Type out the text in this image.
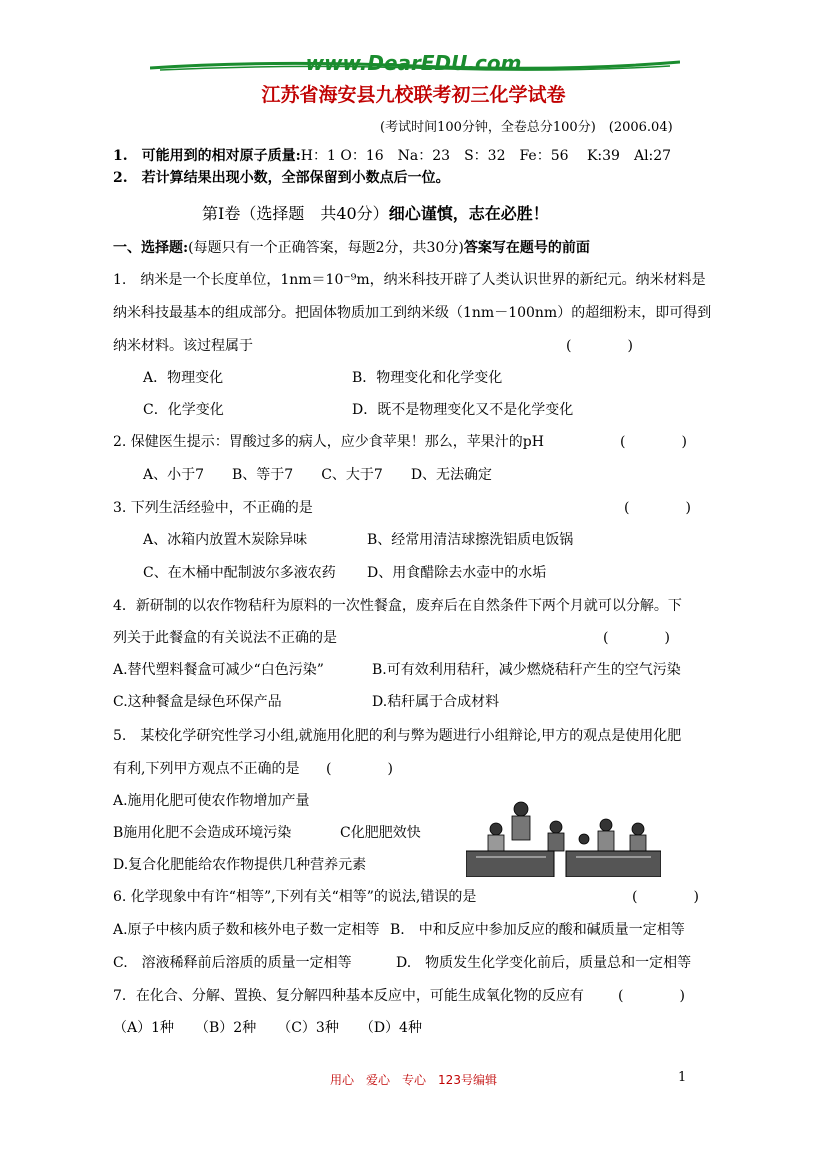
www.DearEDU.com
江苏省海安县九校联考初三化学试卷
(考试时间100分钟，全卷总分100分)　(2006.04)
1.　可能用到的相对原子质量:H：1 O：16　Na：23　S：32　Fe：56　 K:39　Al:27
2.　若计算结果出现小数，全部保留到小数点后一位。
第Ⅰ卷（选择题　共40分）细心谨慎，志在必胜！
一、选择题:(每题只有一个正确答案，每题2分，共30分)答案写在题号的前面
1.　纳米是一个长度单位，1nm＝10⁻⁹m，纳米科技开辟了人类认识世界的新纪元。纳米材料是
纳米科技最基本的组成部分。把固体物质加工到纳米级（1nm－100nm）的超细粉末，即可得到
纳米材料。该过程属于	(　　　　)
A．物理变化	B．物理变化和化学变化
C．化学变化	D．既不是物理变化又不是化学变化
2. 保健医生提示：胃酸过多的病人，应少食苹果！那么，苹果汁的pH	(　　　　)
A、小于7　　B、等于7　　C、大于7　　D、无法确定
3. 下列生活经验中，不正确的是	(　　　　)
A、冰箱内放置木炭除异味	B、经常用清洁球擦洗铝质电饭锅
C、在木桶中配制波尔多液农药 D、用食醋除去水壶中的水垢
4．新研制的以农作物秸秆为原料的一次性餐盒，废弃后在自然条件下两个月就可以分解。下
列关于此餐盒的有关说法不正确的是	(　　　　)
A.替代塑料餐盒可减少“白色污染”	B.可有效利用秸秆，减少燃烧秸秆产生的空气污染
C.这种餐盒是绿色环保产品	D.秸秆属于合成材料
5.　某校化学研究性学习小组,就施用化肥的利与弊为题进行小组辩论,甲方的观点是使用化肥
有利,下列甲方观点不正确的是 (　　　　)
A.施用化肥可使农作物增加产量
B施用化肥不会造成环境污染	C化肥肥效快
D.复合化肥能给农作物提供几种营养元素
6. 化学现象中有许“相等”,下列有关“相等”的说法,错误的是	(　　　　)
A.原子中核内质子数和核外电子数一定相等 B.　中和反应中参加反应的酸和碱质量一定相等
C.　溶液稀释前后溶质的质量一定相等	D.　物质发生化学变化前后，质量总和一定相等
7．在化合、分解、置换、复分解四种基本反应中，可能生成氧化物的反应有 (　　　　)
（A）1种　　（B）2种　　（C）3种　　（D）4种
用心　爱心　专心　123号编辑	1
